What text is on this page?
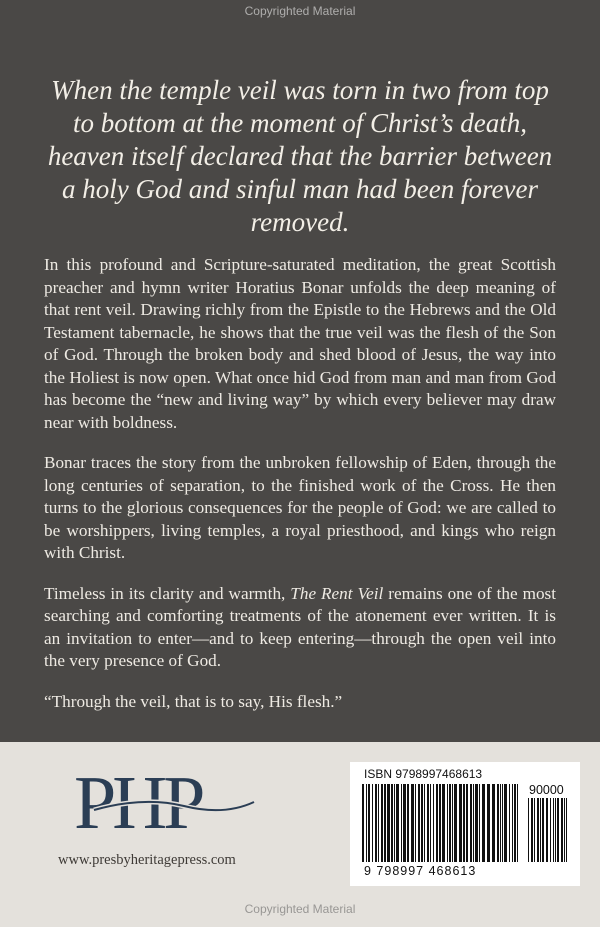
Copyrighted Material

When the temple veil was torn in two from top to bottom at the moment of Christ’s death, heaven itself declared that the barrier between a holy God and sinful man had been forever removed.

In this profound and Scripture-saturated meditation, the great Scottish preacher and hymn writer Horatius Bonar unfolds the deep meaning of that rent veil. Drawing richly from the Epistle to the Hebrews and the Old Testament tabernacle, he shows that the true veil was the flesh of the Son of God. Through the broken body and shed blood of Jesus, the way into the Holiest is now open. What once hid God from man and man from God has become the “new and living way” by which every believer may draw near with boldness.

Bonar traces the story from the unbroken fellowship of Eden, through the long centuries of separation, to the finished work of the Cross. He then turns to the glorious consequences for the people of God: we are called to be worshippers, living temples, a royal priesthood, and kings who reign with Christ.

Timeless in its clarity and warmth, The Rent Veil remains one of the most searching and comforting treatments of the atonement ever written. It is an invitation to enter—and to keep entering—through the open veil into the very presence of God.

“Through the veil, that is to say, His flesh.”

PHP
www.presbyheritagepress.com
ISBN 9798997468613
90000
9 798997 468613
Copyrighted Material
